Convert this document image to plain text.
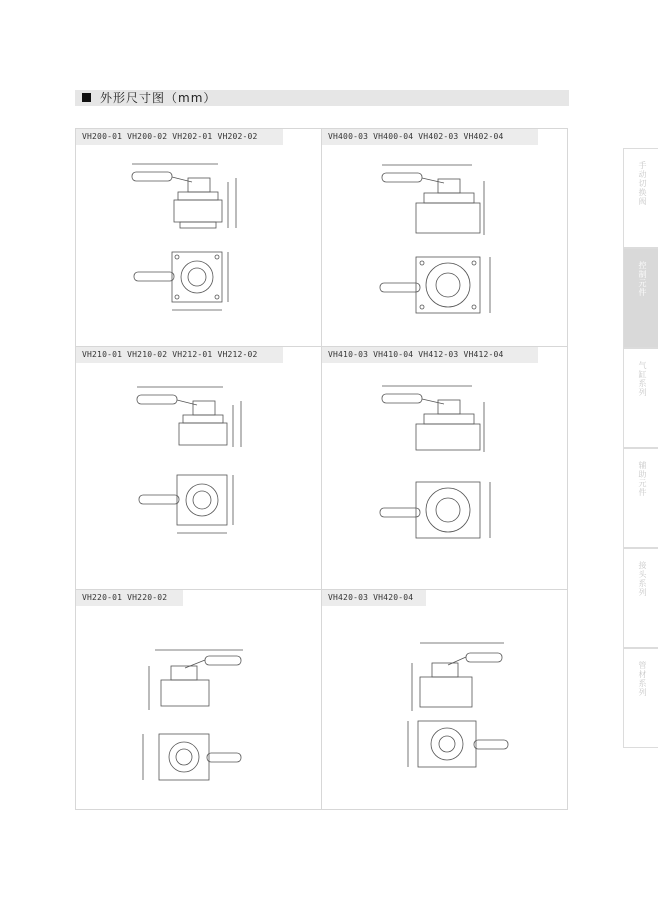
外形尺寸图（mm）
VH200-01 VH200-02 VH202-01 VH202-02	VH400-03 VH400-04 VH402-03 VH402-04
VH210-01 VH210-02 VH212-01 VH212-02	VH410-03 VH410-04 VH412-03 VH412-04
VH220-01 VH220-02	VH420-03 VH420-04
手动切换阀
控制元件
气缸系列
辅助元件
接头系列
管材系列
